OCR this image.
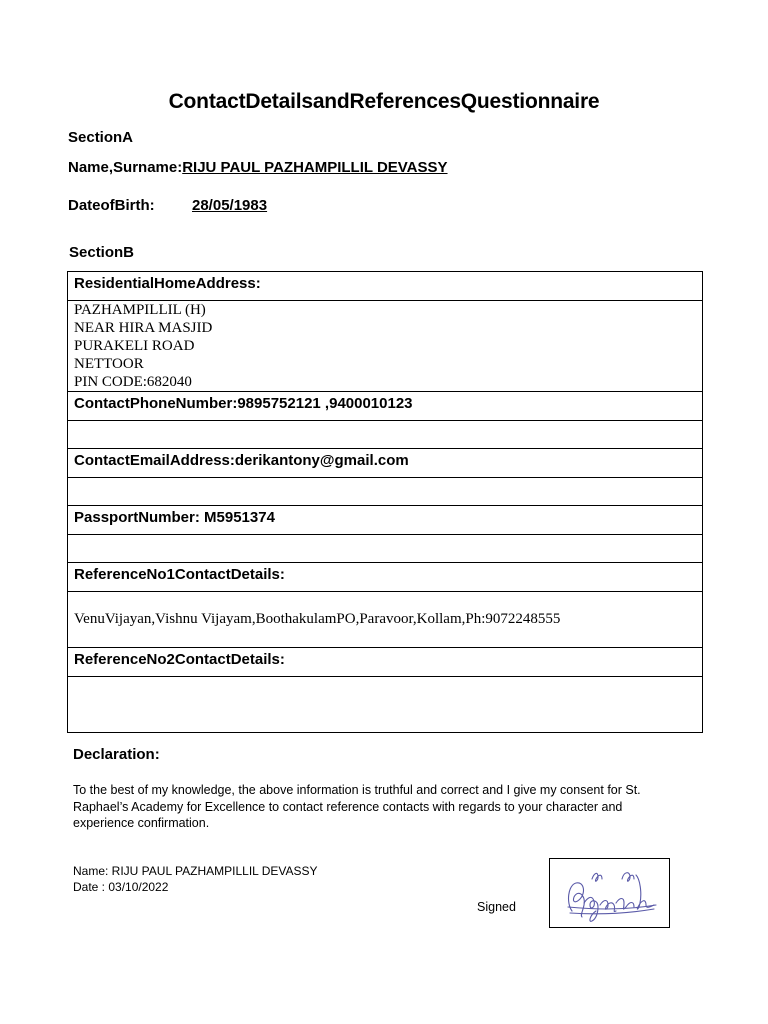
ContactDetailsandReferencesQuestionnaire
SectionA
Name,Surname:RIJU PAUL PAZHAMPILLIL DEVASSY
DateofBirth: 28/05/1983
SectionB
ResidentialHomeAddress:

PAZHAMPILLIL (H)
NEAR HIRA MASJID
PURAKELI ROAD
NETTOOR
PIN CODE:682040

ContactPhoneNumber:9895752121 ,9400010123

ContactEmailAddress:derikantony@gmail.com

PassportNumber: M5951374

ReferenceNo1ContactDetails:
VenuVijayan,Vishnu Vijayam,BoothakulamPO,Paravoor,Kollam,Ph:9072248555
ReferenceNo2ContactDetails:

Declaration:
To the best of my knowledge, the above information is truthful and correct and I give my consent for St. Raphael’s Academy for Excellence to contact reference contacts with regards to your character and experience confirmation.
Name: RIJU PAUL PAZHAMPILLIL DEVASSY
Date : 03/10/2022
Signed
